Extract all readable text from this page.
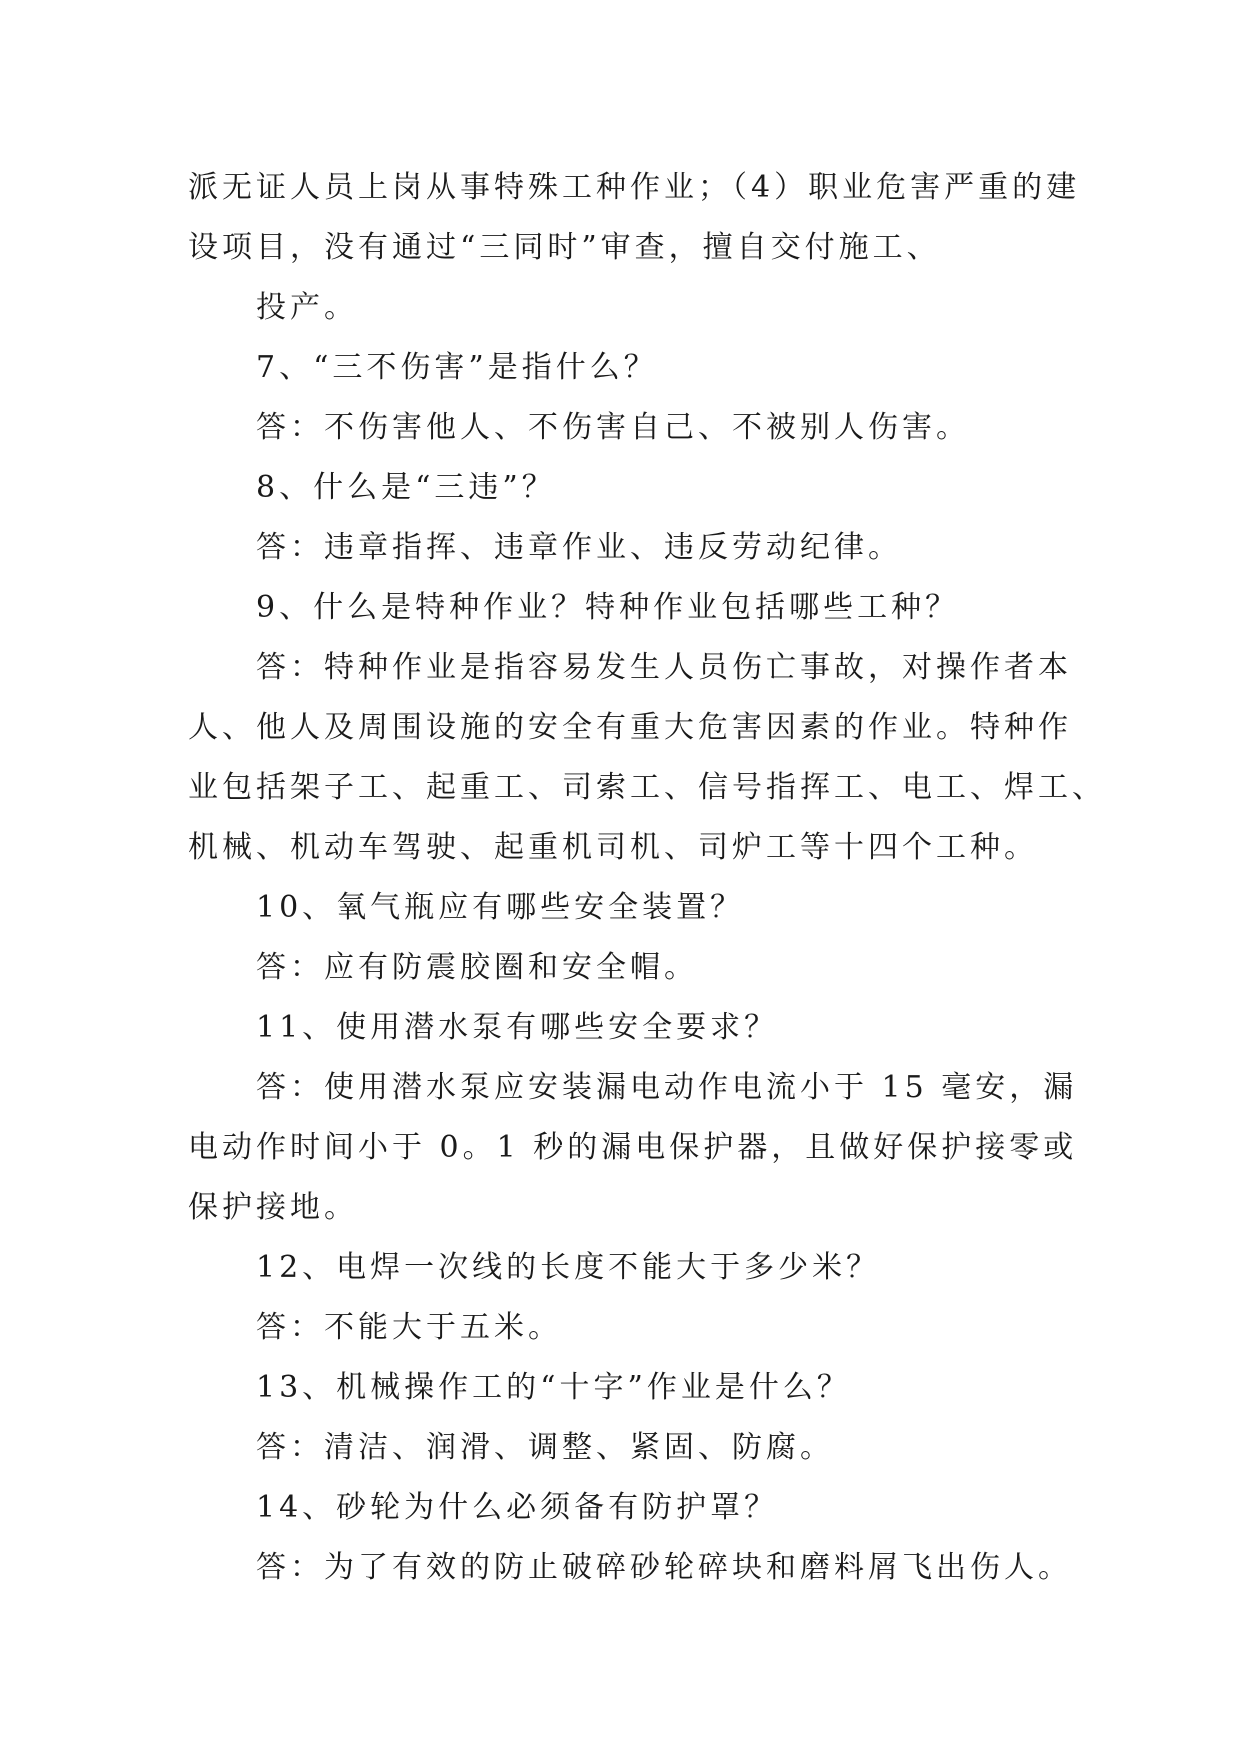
派无证人员上岗从事特殊工种作业；（4）职业危害严重的建
设项目，没有通过“三同时”审查，擅自交付施工、
投产。
7、“三不伤害”是指什么？
答：不伤害他人、不伤害自己、不被别人伤害。
8、什么是“三违”？
答：违章指挥、违章作业、违反劳动纪律。
9、什么是特种作业？特种作业包括哪些工种？
答：特种作业是指容易发生人员伤亡事故，对操作者本
人、他人及周围设施的安全有重大危害因素的作业。特种作
业包括架子工、起重工、司索工、信号指挥工、电工、焊工、
机械、机动车驾驶、起重机司机、司炉工等十四个工种。
10、氧气瓶应有哪些安全装置？
答：应有防震胶圈和安全帽。
11、使用潜水泵有哪些安全要求？
答：使用潜水泵应安装漏电动作电流小于 15 毫安，漏
电动作时间小于 0。1 秒的漏电保护器，且做好保护接零或
保护接地。
12、电焊一次线的长度不能大于多少米？
答：不能大于五米。
13、机械操作工的“十字”作业是什么？
答：清洁、润滑、调整、紧固、防腐。
14、砂轮为什么必须备有防护罩？
答：为了有效的防止破碎砂轮碎块和磨料屑飞出伤人。
